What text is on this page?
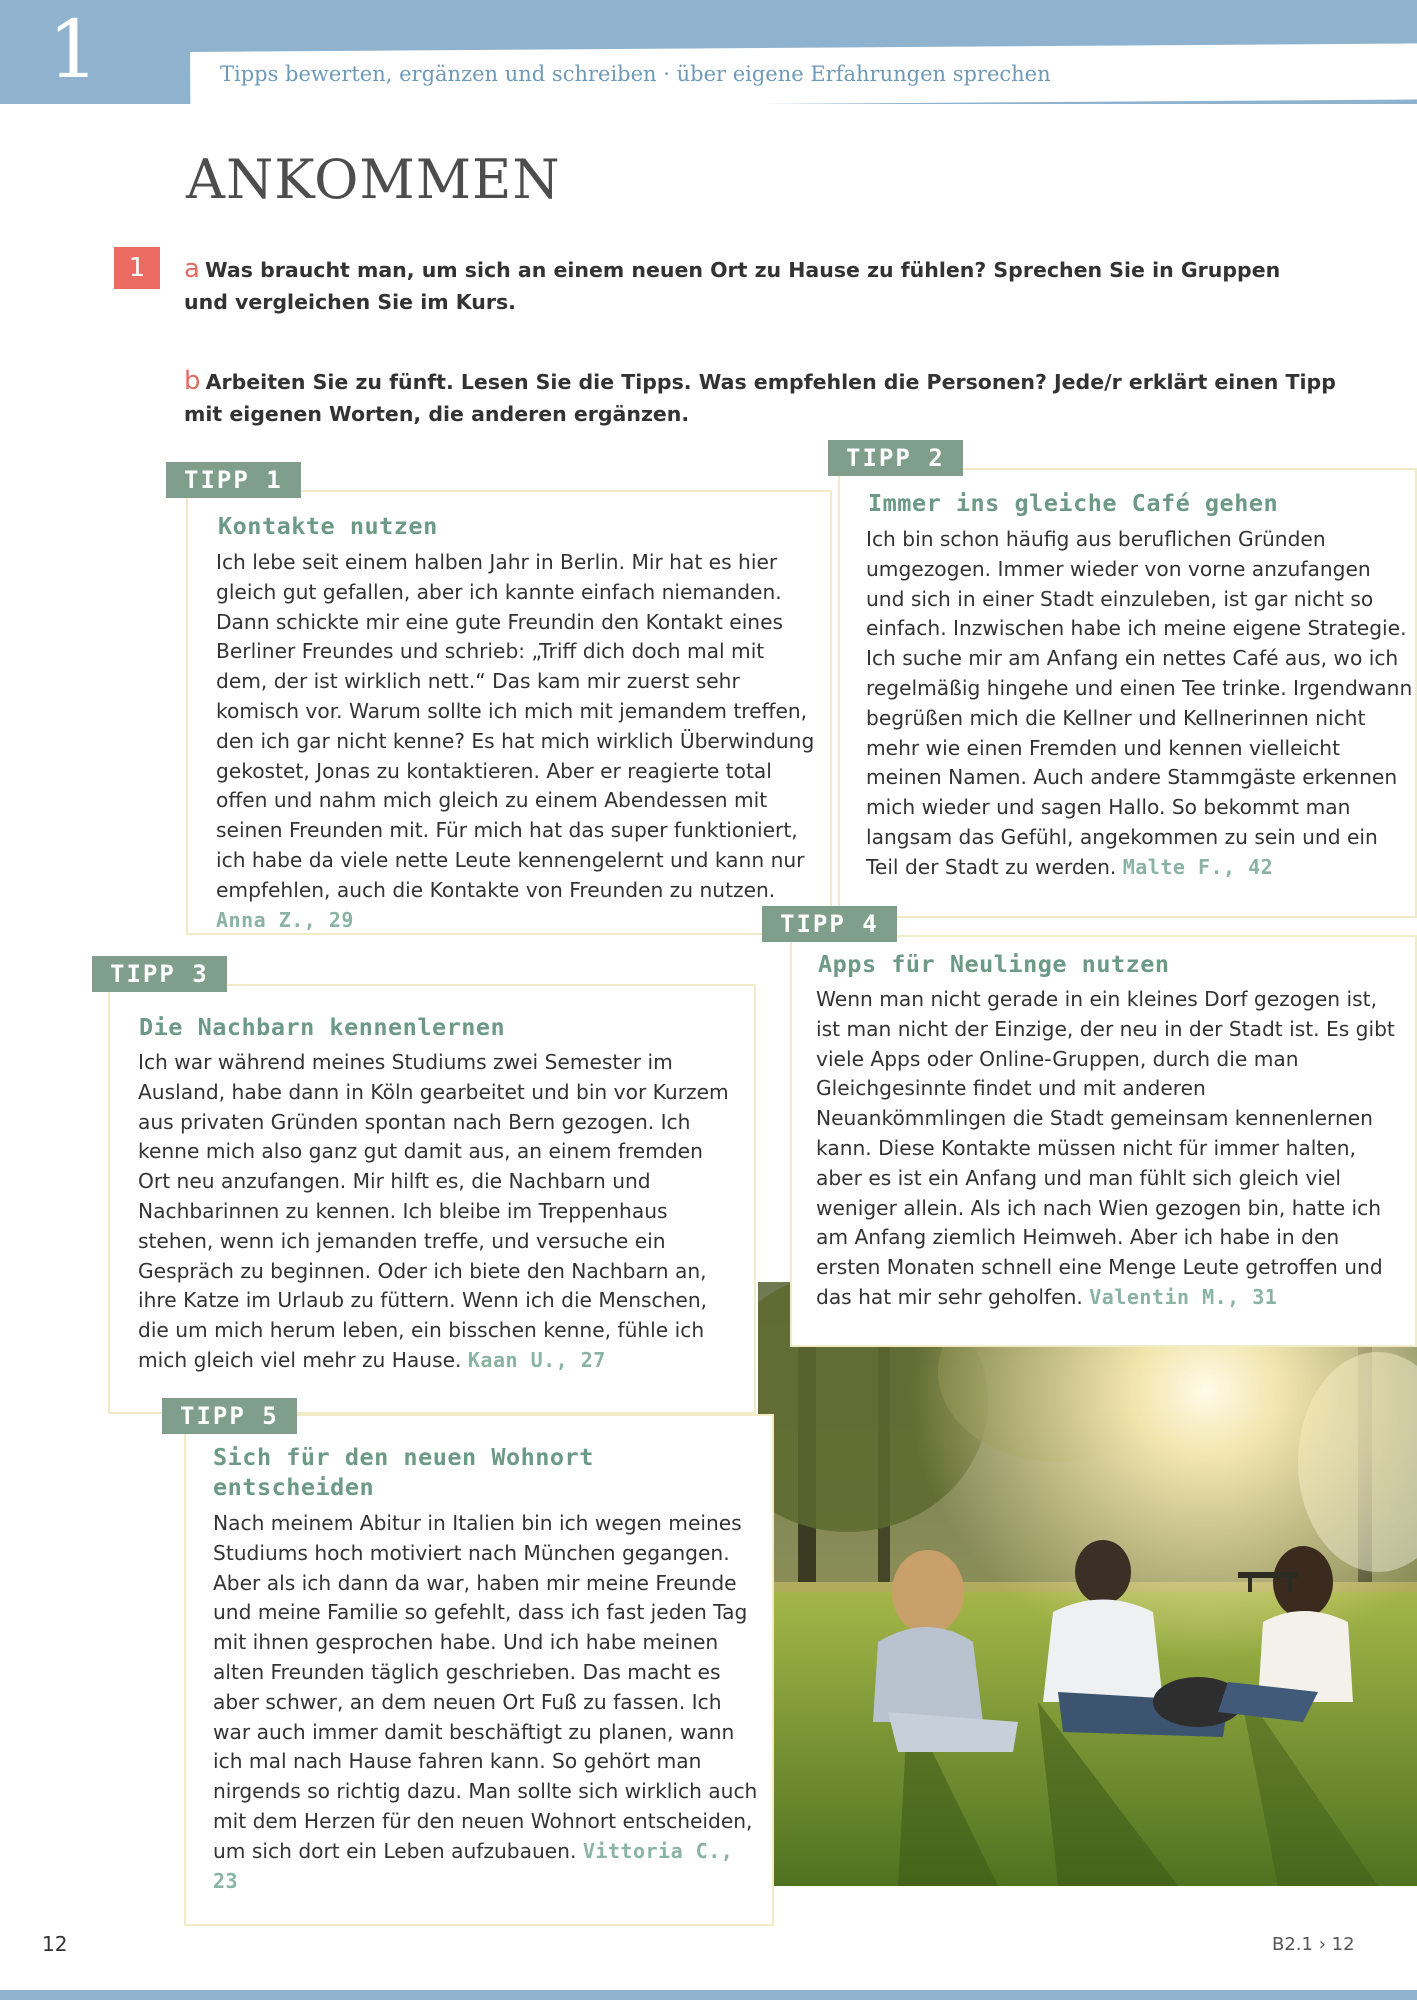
1	Tipps bewerten, ergänzen und schreiben · über eigene Erfahrungen sprechen
ANKOMMEN
1	a Was braucht man, um sich an einem neuen Ort zu Hause zu fühlen? Sprechen Sie in Gruppen und vergleichen Sie im Kurs.
b Arbeiten Sie zu fünft. Lesen Sie die Tipps. Was empfehlen die Personen? Jede/r erklärt einen Tipp mit eigenen Worten, die anderen ergänzen.
TIPP 1
Kontakte nutzen
Ich lebe seit einem halben Jahr in Berlin. Mir hat es hier gleich gut gefallen, aber ich kannte einfach niemanden. Dann schickte mir eine gute Freundin den Kontakt eines Berliner Freundes und schrieb: „Triff dich doch mal mit dem, der ist wirklich nett.“ Das kam mir zuerst sehr komisch vor. Warum sollte ich mich mit jemandem treffen, den ich gar nicht kenne? Es hat mich wirklich Überwindung gekostet, Jonas zu kontaktieren. Aber er reagierte total offen und nahm mich gleich zu einem Abendessen mit seinen Freunden mit. Für mich hat das super funktioniert, ich habe da viele nette Leute kennengelernt und kann nur empfehlen, auch die Kontakte von Freunden zu nutzen. Anna Z., 29
TIPP 2
Immer ins gleiche Café gehen
Ich bin schon häufig aus beruflichen Gründen umgezogen. Immer wieder von vorne anzufangen und sich in einer Stadt einzuleben, ist gar nicht so einfach. Inzwischen habe ich meine eigene Strategie. Ich suche mir am Anfang ein nettes Café aus, wo ich regelmäßig hingehe und einen Tee trinke. Irgendwann begrüßen mich die Kellner und Kellnerinnen nicht mehr wie einen Fremden und kennen vielleicht meinen Namen. Auch andere Stammgäste erkennen mich wieder und sagen Hallo. So bekommt man langsam das Gefühl, angekommen zu sein und ein Teil der Stadt zu werden. Malte F., 42
TIPP 3
Die Nachbarn kennenlernen
Ich war während meines Studiums zwei Semester im Ausland, habe dann in Köln gearbeitet und bin vor Kurzem aus privaten Gründen spontan nach Bern gezogen. Ich kenne mich also ganz gut damit aus, an einem fremden Ort neu anzufangen. Mir hilft es, die Nachbarn und Nachbarinnen zu kennen. Ich bleibe im Treppenhaus stehen, wenn ich jemanden treffe, und versuche ein Gespräch zu beginnen. Oder ich biete den Nachbarn an, ihre Katze im Urlaub zu füttern. Wenn ich die Menschen, die um mich herum leben, ein bisschen kenne, fühle ich mich gleich viel mehr zu Hause. Kaan U., 27
TIPP 4
Apps für Neulinge nutzen
Wenn man nicht gerade in ein kleines Dorf gezogen ist, ist man nicht der Einzige, der neu in der Stadt ist. Es gibt viele Apps oder Online-Gruppen, durch die man Gleichgesinnte findet und mit anderen Neuankömmlingen die Stadt gemeinsam kennenlernen kann. Diese Kontakte müssen nicht für immer halten, aber es ist ein Anfang und man fühlt sich gleich viel weniger allein. Als ich nach Wien gezogen bin, hatte ich am Anfang ziemlich Heimweh. Aber ich habe in den ersten Monaten schnell eine Menge Leute getroffen und das hat mir sehr geholfen. Valentin M., 31
TIPP 5
Sich für den neuen Wohnort entscheiden
Nach meinem Abitur in Italien bin ich wegen meines Studiums hoch motiviert nach München gegangen. Aber als ich dann da war, haben mir meine Freunde und meine Familie so gefehlt, dass ich fast jeden Tag mit ihnen gesprochen habe. Und ich habe meinen alten Freunden täglich geschrieben. Das macht es aber schwer, an dem neuen Ort Fuß zu fassen. Ich war auch immer damit beschäftigt zu planen, wann ich mal nach Hause fahren kann. So gehört man nirgends so richtig dazu. Man sollte sich wirklich auch mit dem Herzen für den neuen Wohnort entscheiden, um sich dort ein Leben aufzubauen. Vittoria C., 23
12	B2.1 › 12
